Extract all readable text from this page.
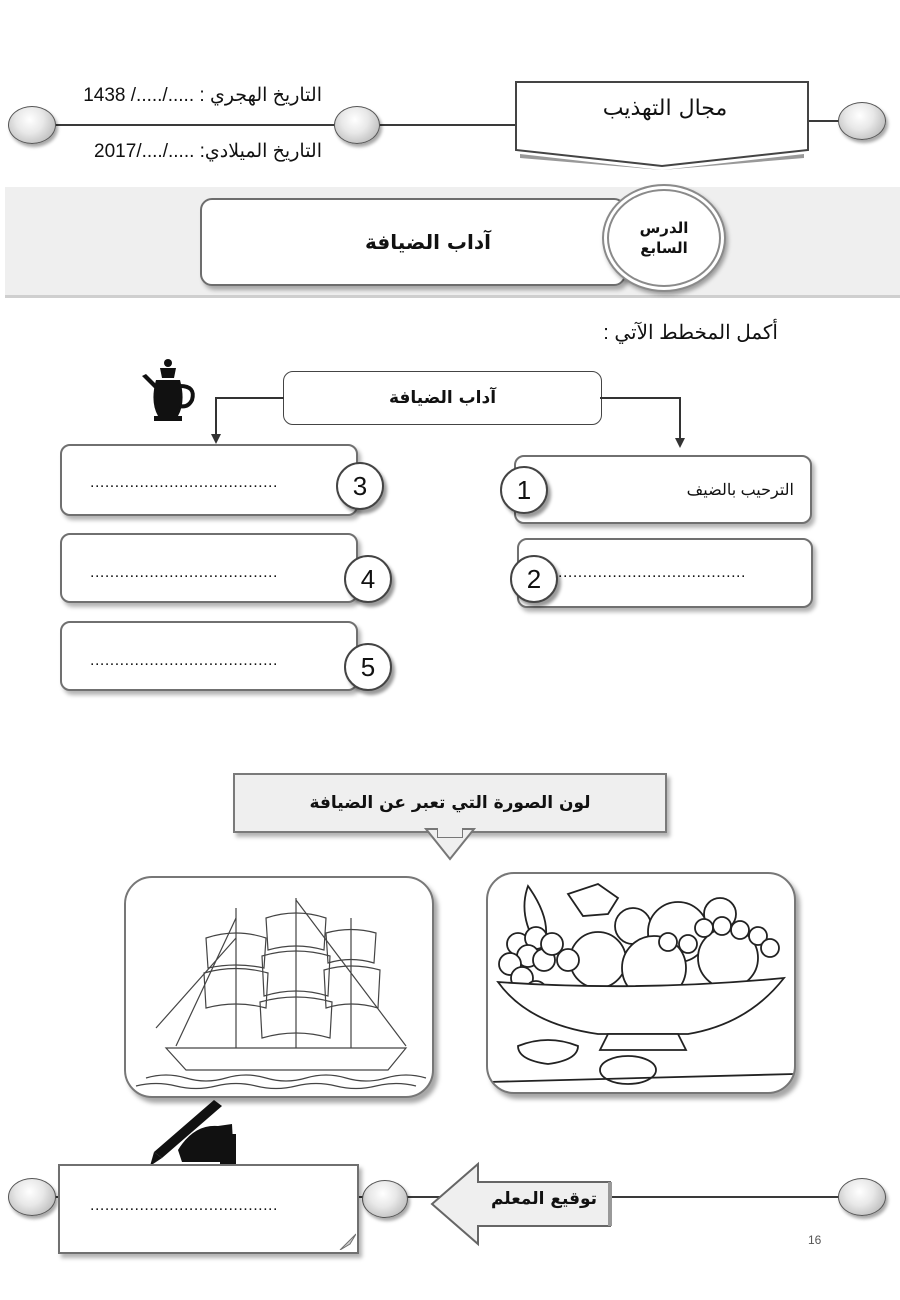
التاريخ الهجري : ...../...../ 1438
التاريخ الميلادي: ...../..../2017
مجال التهذيب
آداب الضيافة
الدرس
السابع
أكمل المخطط الآتي :
آداب الضيافة
الترحيب بالضيف
1
......................................
2
......................................	3
......................................	4
......................................	5
لون الصورة التي تعبر عن الضيافة
......................................	توقيع المعلم
16
